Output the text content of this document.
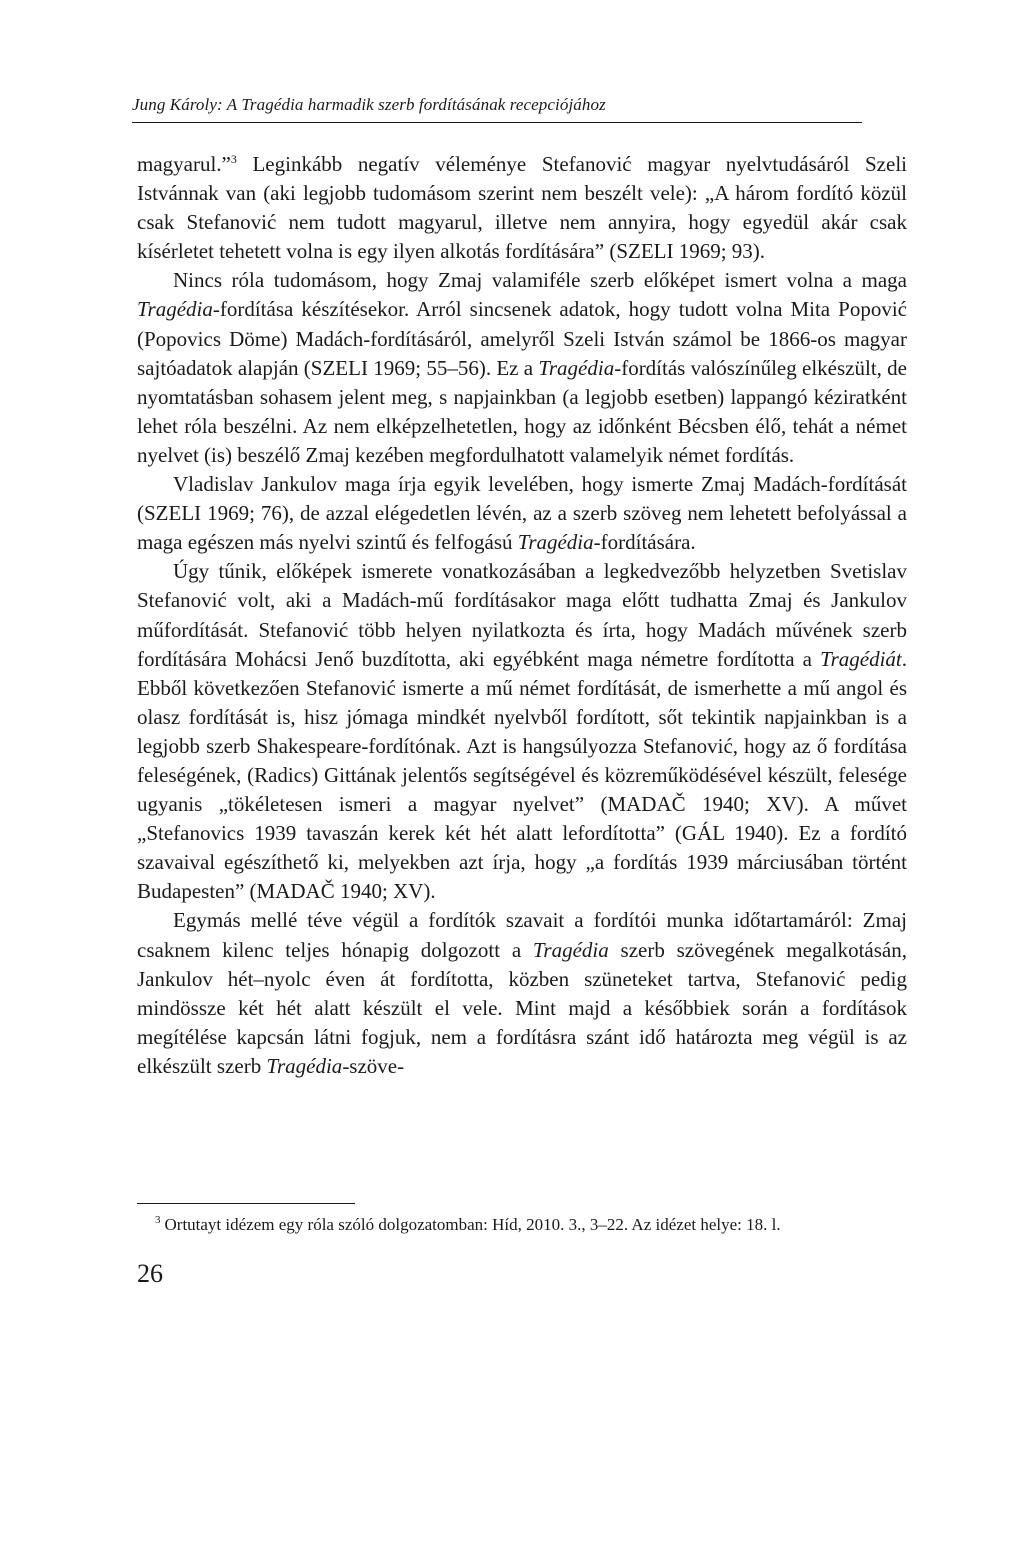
Jung Károly: A Tragédia harmadik szerb fordításának recepciójához

magyarul.”$^3$ Leginkább negatív véleménye Stefanović magyar nyelvtudásáról Szeli Istvánnak van (aki legjobb tudomásom szerint nem beszélt vele): „A három fordító közül csak Stefanović nem tudott magyarul, illetve nem annyira, hogy egyedül akár csak kísérletet tehetett volna is egy ilyen alkotás fordítására” (SZELI 1969; 93).

Nincs róla tudomásom, hogy Zmaj valamiféle szerb előképet ismert volna a maga Tragédia-fordítása készítésekor. Arról sincsenek adatok, hogy tudott volna Mita Popović (Popovics Döme) Madách-fordításáról, amelyről Szeli István számol be 1866-os magyar sajtóadatok alapján (SZELI 1969; 55–56). Ez a Tragédia-fordítás valószínűleg elkészült, de nyomtatásban sohasem jelent meg, s napjainkban (a legjobb esetben) lappangó kéziratként lehet róla beszélni. Az nem elképzelhetetlen, hogy az időnként Bécsben élő, tehát a német nyelvet (is) beszélő Zmaj kezében megfordulhatott valamelyik német fordítás.

Vladislav Jankulov maga írja egyik levelében, hogy ismerte Zmaj Madách-fordítását (SZELI 1969; 76), de azzal elégedetlen lévén, az a szerb szöveg nem lehetett befolyással a maga egészen más nyelvi szintű és felfogású Tragédia-fordítására.

Úgy tűnik, előképek ismerete vonatkozásában a legkedvezőbb helyzetben Svetislav Stefanović volt, aki a Madách-mű fordításakor maga előtt tudhatta Zmaj és Jankulov műfordítását. Stefanović több helyen nyilatkozta és írta, hogy Madách művének szerb fordítására Mohácsi Jenő buzdította, aki egyébként maga németre fordította a Tragédiát. Ebből következően Stefanović ismerte a mű német fordítását, de ismerhette a mű angol és olasz fordítását is, hisz jómaga mindkét nyelvből fordított, sőt tekintik napjainkban is a legjobb szerb Shakespeare-fordítónak. Azt is hangsúlyozza Stefanović, hogy az ő fordítása feleségének, (Radics) Gittának jelentős segítségével és közreműködésével készült, felesége ugyanis „tökéletesen ismeri a magyar nyelvet” (MADAČ 1940; XV). A művet „Stefanovics 1939 tavaszán kerek két hét alatt lefordította” (GÁL 1940). Ez a fordító szavaival egészíthető ki, melyekben azt írja, hogy „a fordítás 1939 márciusában történt Budapesten” (MADAČ 1940; XV).

Egymás mellé téve végül a fordítók szavait a fordítói munka időtartamáról: Zmaj csaknem kilenc teljes hónapig dolgozott a Tragédia szerb szövegének megalkotásán, Jankulov hét–nyolc éven át fordította, közben szüneteket tartva, Stefanović pedig mindössze két hét alatt készült el vele. Mint majd a későbbiek során a fordítások megítélése kapcsán látni fogjuk, nem a fordításra szánt idő határozta meg végül is az elkészült szerb Tragédia-szöve-

$^3$ Ortutayt idézem egy róla szóló dolgozatomban: Híd, 2010. 3., 3–22. Az idézet helye: 18. l.
26
